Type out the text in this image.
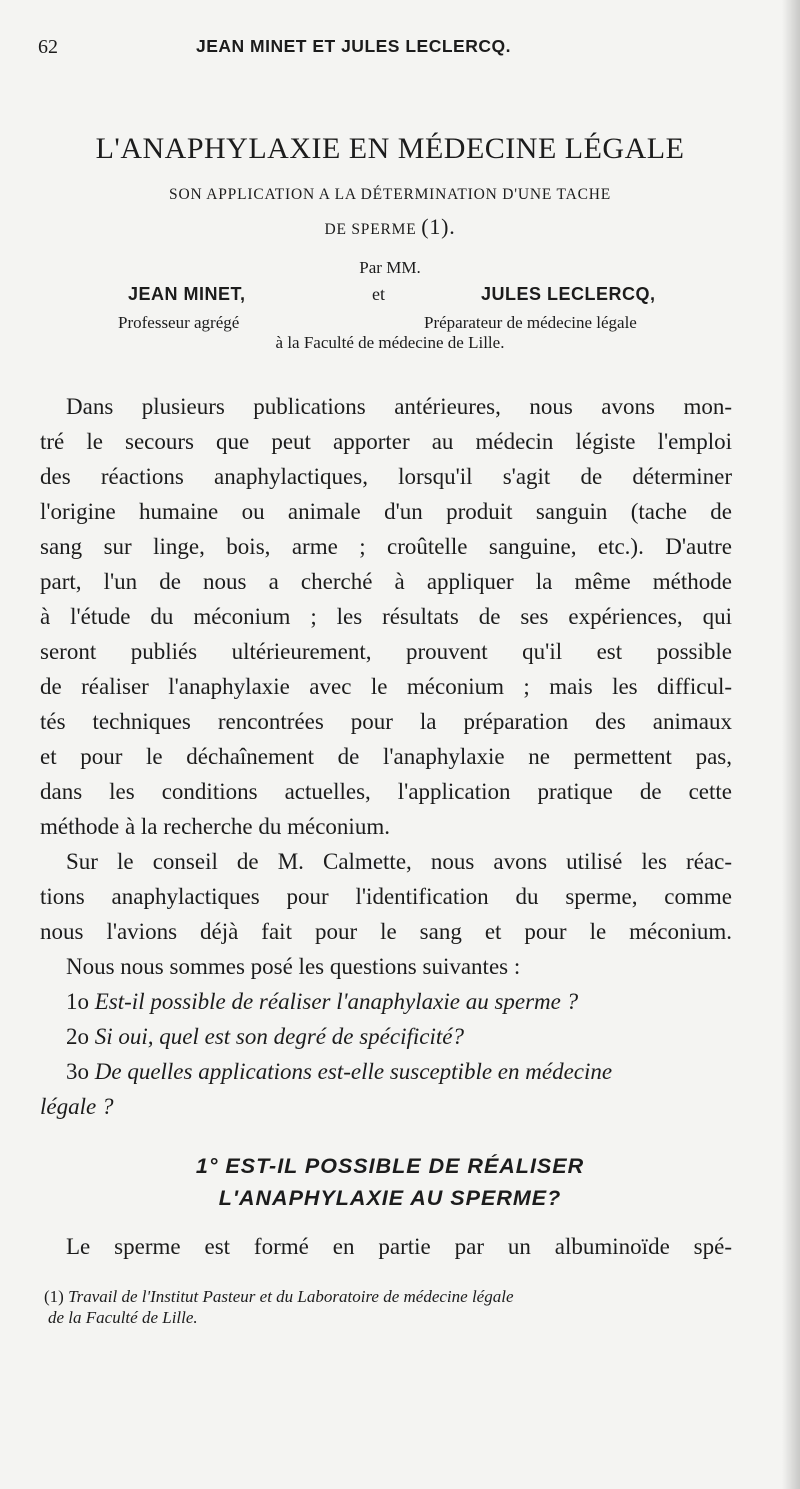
62	JEAN MINET ET JULES LECLERCQ.
L'ANAPHYLAXIE EN MÉDECINE LÉGALE
SON APPLICATION A LA DÉTERMINATION D'UNE TACHE
DE SPERME (1).
Par MM.
JEAN MINET,	et	JULES LECLERCQ,
Professeur agrégé	Préparateur de médecine légale
à la Faculté de médecine de Lille.
Dans plusieurs publications antérieures, nous avons mon-
tré le secours que peut apporter au médecin légiste l'emploi
des réactions anaphylactiques, lorsqu'il s'agit de déterminer
l'origine humaine ou animale d'un produit sanguin (tache de
sang sur linge, bois, arme ; croûtelle sanguine, etc.). D'autre
part, l'un de nous a cherché à appliquer la même méthode
à l'étude du méconium ; les résultats de ses expériences, qui
seront publiés ultérieurement, prouvent qu'il est possible
de réaliser l'anaphylaxie avec le méconium ; mais les difficul-
tés techniques rencontrées pour la préparation des animaux
et pour le déchaînement de l'anaphylaxie ne permettent pas,
dans les conditions actuelles, l'application pratique de cette
méthode à la recherche du méconium.
Sur le conseil de M. Calmette, nous avons utilisé les réac-
tions anaphylactiques pour l'identification du sperme, comme
nous l'avions déjà fait pour le sang et pour le méconium.
Nous nous sommes posé les questions suivantes :
1o Est-il possible de réaliser l'anaphylaxie au sperme ?
2o Si oui, quel est son degré de spécificité?
3o De quelles applications est-elle susceptible en médecine
légale ?
1° EST-IL POSSIBLE DE RÉALISER
L'ANAPHYLAXIE AU SPERME?
Le sperme est formé en partie par un albuminoïde spé-
(1) Travail de l'Institut Pasteur et du Laboratoire de médecine légale
de la Faculté de Lille.
